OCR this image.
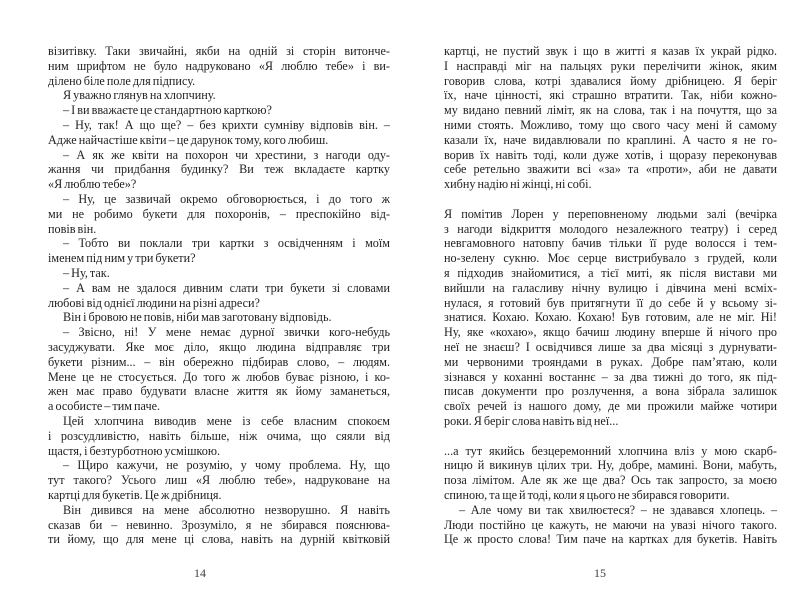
візитівку. Таки звичайні, якби на одній зі сторін витонче-
ним шрифтом не було надруковано «Я люблю тебе» і ви-
ділено біле поле для підпису.
Я уважно глянув на хлопчину.
– І ви вважаєте це стандартною карткою?
– Ну, так! А що ще? – без крихти сумніву відповів він. –
Адже найчастіше квіти – це дарунок тому, кого любиш.
– А як же квіти на похорон чи хрестини, з нагоди оду-
жання чи придбання будинку? Ви теж вкладаєте картку
«Я люблю тебе»?
– Ну, це зазвичай окремо обговорюється, і до того ж
ми не робимо букети для похоронів, – преспокійно від-
повів він.
– Тобто ви поклали три картки з освідченням і моїм
іменем під ним у три букети?
– Ну, так.
– А вам не здалося дивним слати три букети зі словами
любові від однієї людини на різні адреси?
Він і бровою не повів, ніби мав заготовану відповідь.
– Звісно, ні! У мене немає дурної звички кого-небудь
засуджувати. Яке моє діло, якщо людина відправляє три
букети різним... – він обережно підбирав слово, – людям.
Мене це не стосується. До того ж любов буває різною, і ко-
жен має право будувати власне життя як йому заманеться,
а особисте – тим паче.
Цей хлопчина виводив мене із себе власним спокоєм
і розсудливістю, навіть більше, ніж очима, що сяяли від
щастя, і безтурботною усмішкою.
– Щиро кажучи, не розумію, у чому проблема. Ну, що
тут такого? Усього лиш «Я люблю тебе», надруковане на
картці для букетів. Це ж дрібниця.
Він дивився на мене абсолютно незворушно. Я навіть
сказав би – невинно. Зрозуміло, я не збирався пояснюва-
ти йому, що для мене ці слова, навіть на дурній квітковій
14
картці, не пустий звук і що в житті я казав їх украй рідко.
І насправді міг на пальцях руки перелічити жінок, яким
говорив слова, котрі здавалися йому дрібницею. Я беріг
їх, наче цінності, які страшно втратити. Так, ніби кожно-
му видано певний ліміт, як на слова, так і на почуття, що за
ними стоять. Можливо, тому що свого часу мені й самому
казали їх, наче видавлювали по краплині. А часто я не го-
ворив їх навіть тоді, коли дуже хотів, і щоразу переконував
себе ретельно зважити всі «за» та «проти», аби не давати
хибну надію ні жінці, ні собі.
Я помітив Лорен у переповненому людьми залі (вечірка
з нагоди відкриття молодого незалежного театру) і серед
невгамовного натовпу бачив тільки її руде волосся і тем-
но-зелену сукню. Моє серце вистрибувало з грудей, коли
я підходив знайомитися, а тієї миті, як після вистави ми
вийшли на галасливу нічну вулицю і дівчина мені всміх-
нулася, я готовий був притягнути її до себе й у всьому зі-
знатися. Кохаю. Кохаю. Кохаю! Був готовим, але не міг. Ні!
Ну, яке «кохаю», якщо бачиш людину вперше й нічого про
неї не знаєш? І освідчився лише за два місяці з дурнувати-
ми червоними трояндами в руках. Добре пам’ятаю, коли
зізнався у коханні востаннє – за два тижні до того, як під-
писав документи про розлучення, а вона зібрала залишок
своїх речей із нашого дому, де ми прожили майже чотири
роки. Я беріг слова навіть від неї...
...а тут якийсь безцеремонний хлопчина вліз у мою скарб-
ницю й викинув цілих три. Ну, добре, мамині. Вони, мабуть,
поза лімітом. Але як же ще два? Ось так запросто, за моєю
спиною, та ще й тоді, коли я цього не збирався говорити.
– Але чому ви так хвилюєтеся? – не здавався хлопець. –
Люди постійно це кажуть, не маючи на увазі нічого такого.
Це ж просто слова! Тим паче на картках для букетів. Навіть
15
